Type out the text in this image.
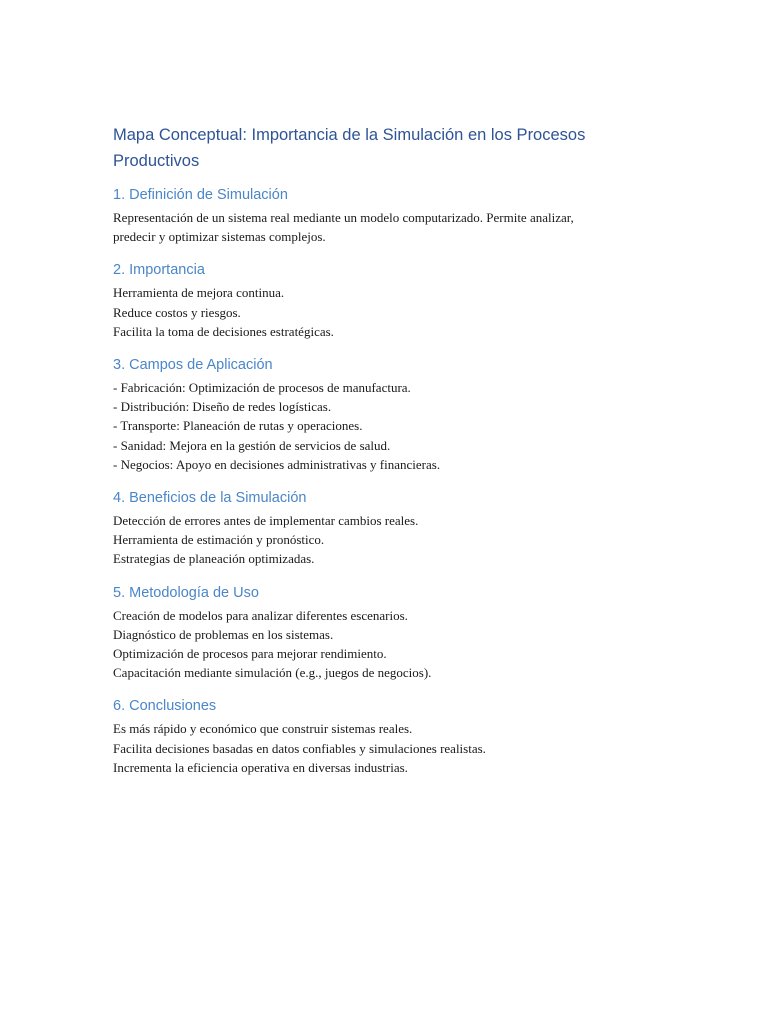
Mapa Conceptual: Importancia de la Simulación en los Procesos
Productivos
1. Definición de Simulación
Representación de un sistema real mediante un modelo computarizado. Permite analizar,
predecir y optimizar sistemas complejos.
2. Importancia
Herramienta de mejora continua.
Reduce costos y riesgos.
Facilita la toma de decisiones estratégicas.
3. Campos de Aplicación
- Fabricación: Optimización de procesos de manufactura.
- Distribución: Diseño de redes logísticas.
- Transporte: Planeación de rutas y operaciones.
- Sanidad: Mejora en la gestión de servicios de salud.
- Negocios: Apoyo en decisiones administrativas y financieras.
4. Beneficios de la Simulación
Detección de errores antes de implementar cambios reales.
Herramienta de estimación y pronóstico.
Estrategias de planeación optimizadas.
5. Metodología de Uso
Creación de modelos para analizar diferentes escenarios.
Diagnóstico de problemas en los sistemas.
Optimización de procesos para mejorar rendimiento.
Capacitación mediante simulación (e.g., juegos de negocios).
6. Conclusiones
Es más rápido y económico que construir sistemas reales.
Facilita decisiones basadas en datos confiables y simulaciones realistas.
Incrementa la eficiencia operativa en diversas industrias.
